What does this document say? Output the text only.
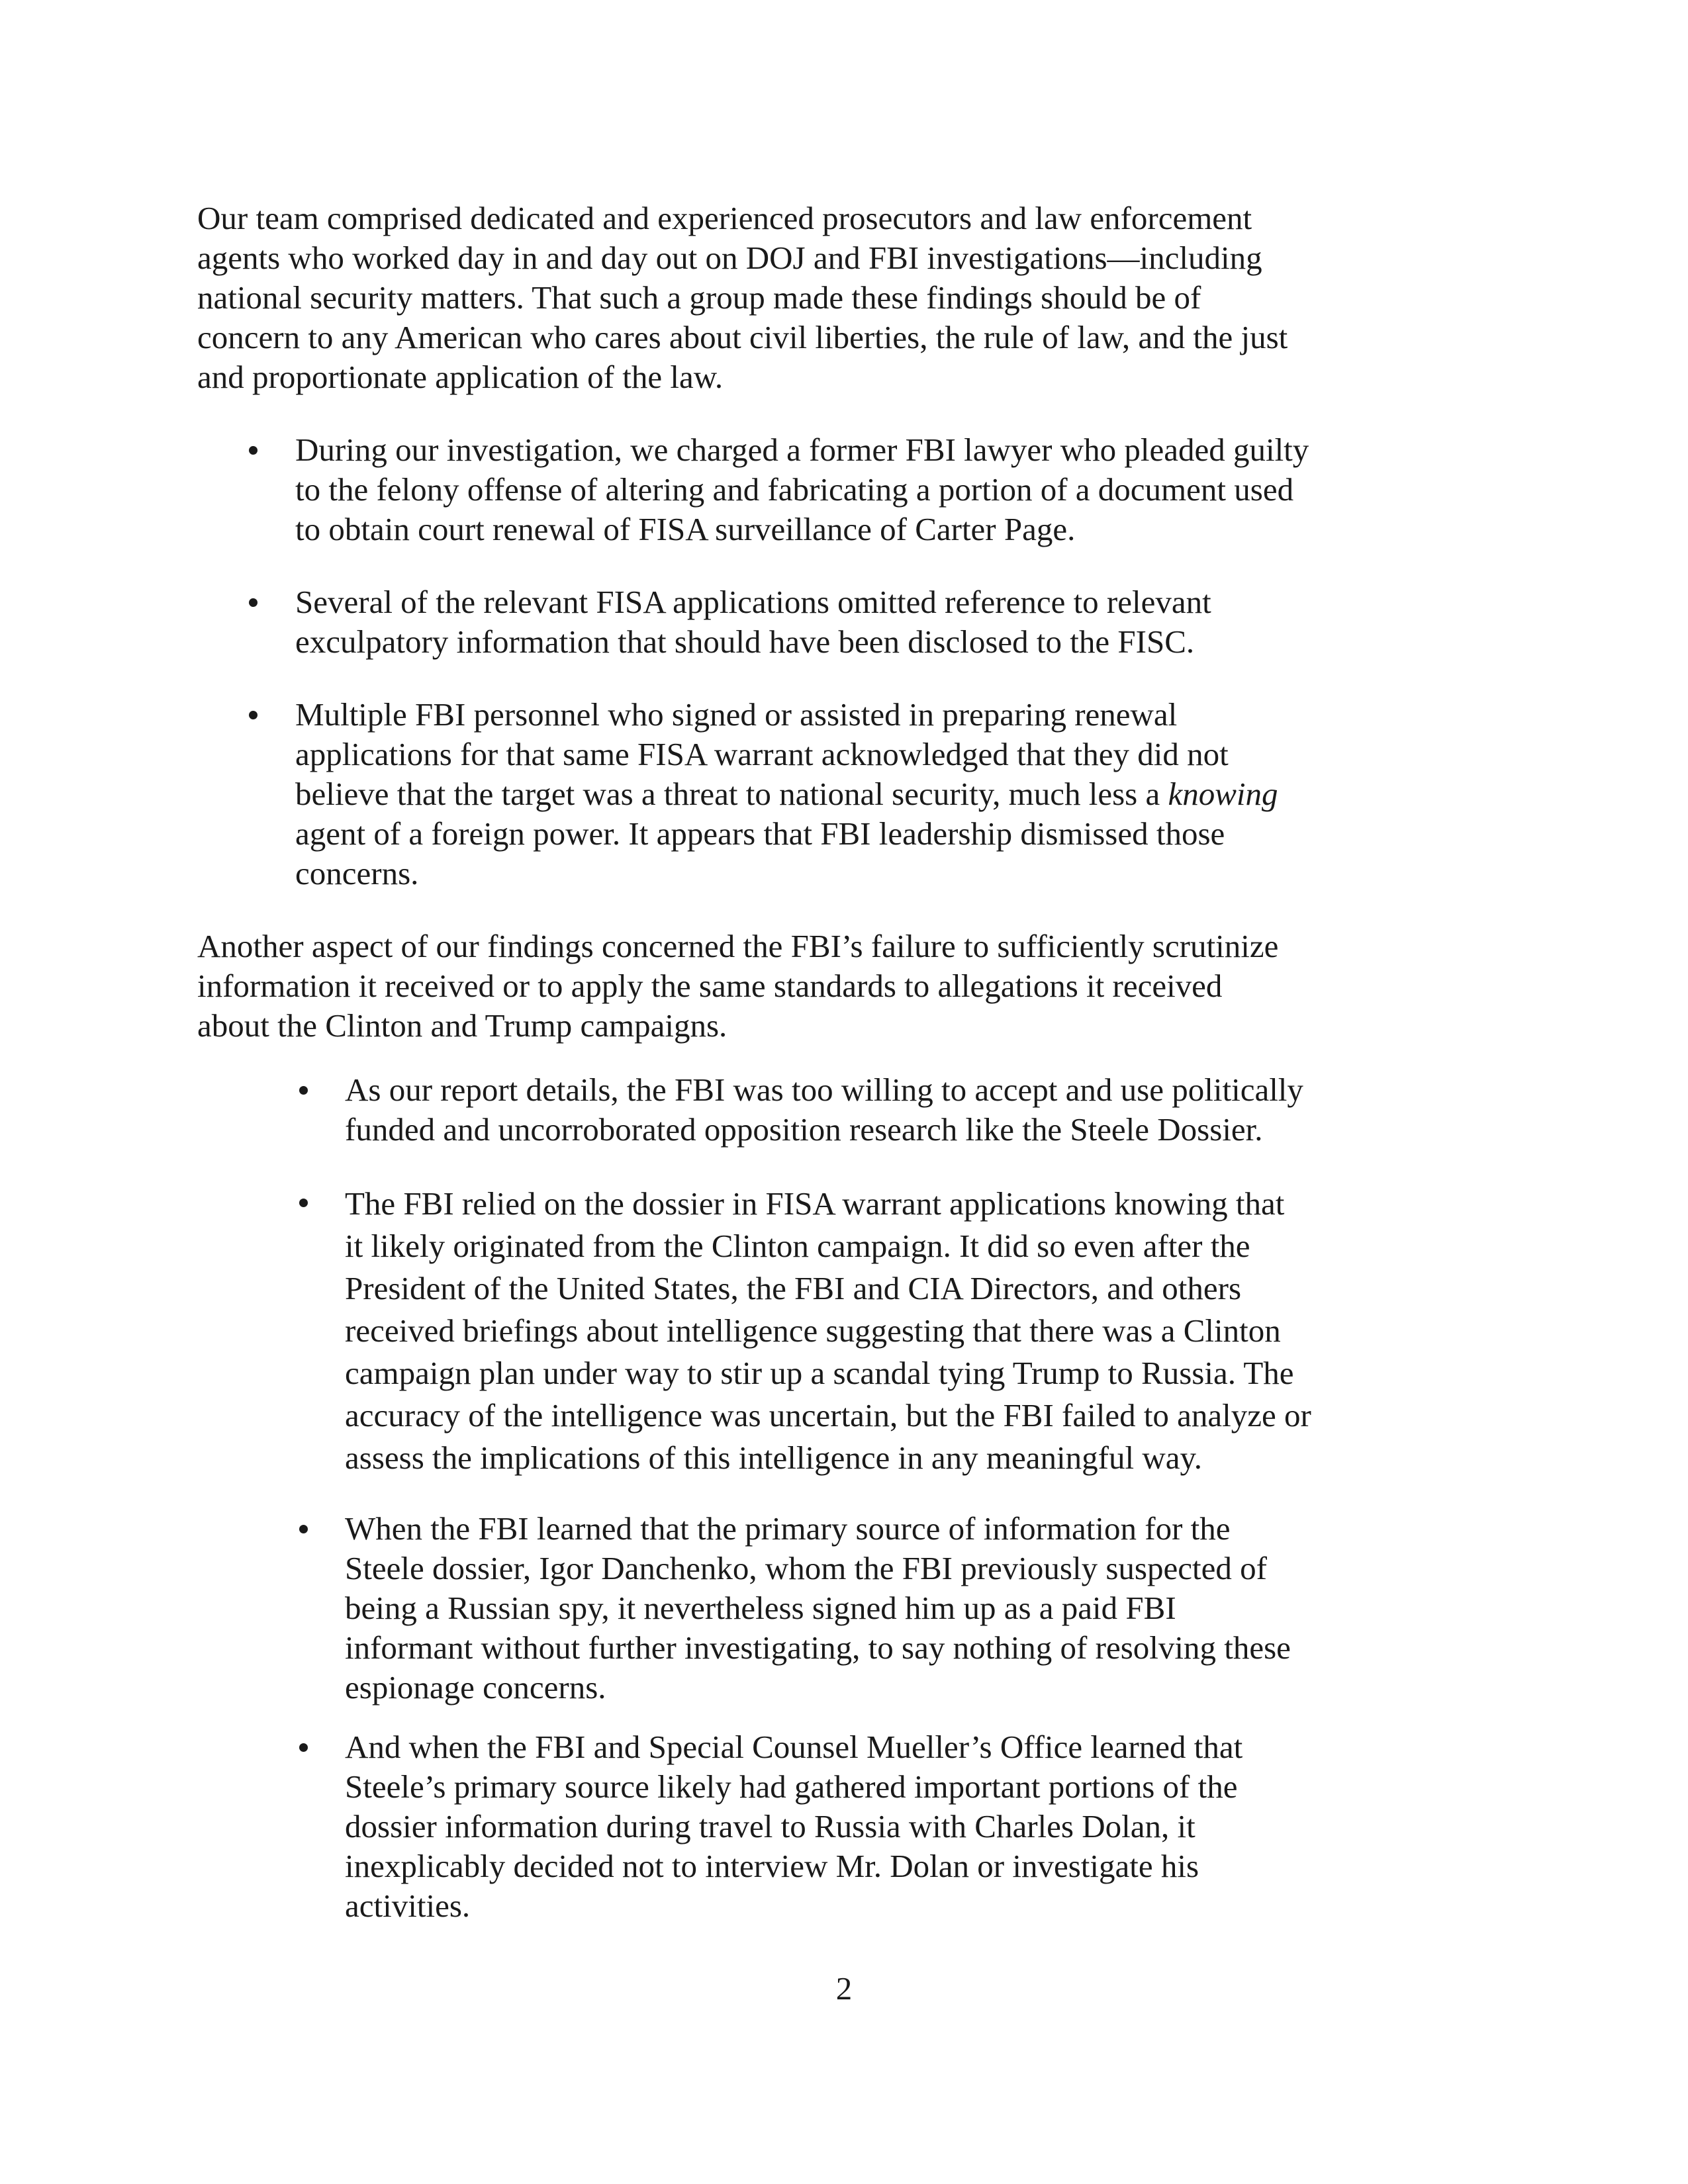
Our team comprised dedicated and experienced prosecutors and law enforcement
agents who worked day in and day out on DOJ and FBI investigations—including
national security matters. That such a group made these findings should be of
concern to any American who cares about civil liberties, the rule of law, and the just
and proportionate application of the law.
During our investigation, we charged a former FBI lawyer who pleaded guilty
to the felony offense of altering and fabricating a portion of a document used
to obtain court renewal of FISA surveillance of Carter Page.
Several of the relevant FISA applications omitted reference to relevant
exculpatory information that should have been disclosed to the FISC.
Multiple FBI personnel who signed or assisted in preparing renewal
applications for that same FISA warrant acknowledged that they did not
believe that the target was a threat to national security, much less a knowing
agent of a foreign power. It appears that FBI leadership dismissed those
concerns.
Another aspect of our findings concerned the FBI’s failure to sufficiently scrutinize
information it received or to apply the same standards to allegations it received
about the Clinton and Trump campaigns.
As our report details, the FBI was too willing to accept and use politically
funded and uncorroborated opposition research like the Steele Dossier.
The FBI relied on the dossier in FISA warrant applications knowing that
it likely originated from the Clinton campaign. It did so even after the
President of the United States, the FBI and CIA Directors, and others
received briefings about intelligence suggesting that there was a Clinton
campaign plan under way to stir up a scandal tying Trump to Russia. The
accuracy of the intelligence was uncertain, but the FBI failed to analyze or
assess the implications of this intelligence in any meaningful way.
When the FBI learned that the primary source of information for the
Steele dossier, Igor Danchenko, whom the FBI previously suspected of
being a Russian spy, it nevertheless signed him up as a paid FBI
informant without further investigating, to say nothing of resolving these
espionage concerns.
And when the FBI and Special Counsel Mueller’s Office learned that
Steele’s primary source likely had gathered important portions of the
dossier information during travel to Russia with Charles Dolan, it
inexplicably decided not to interview Mr. Dolan or investigate his
activities.
2
